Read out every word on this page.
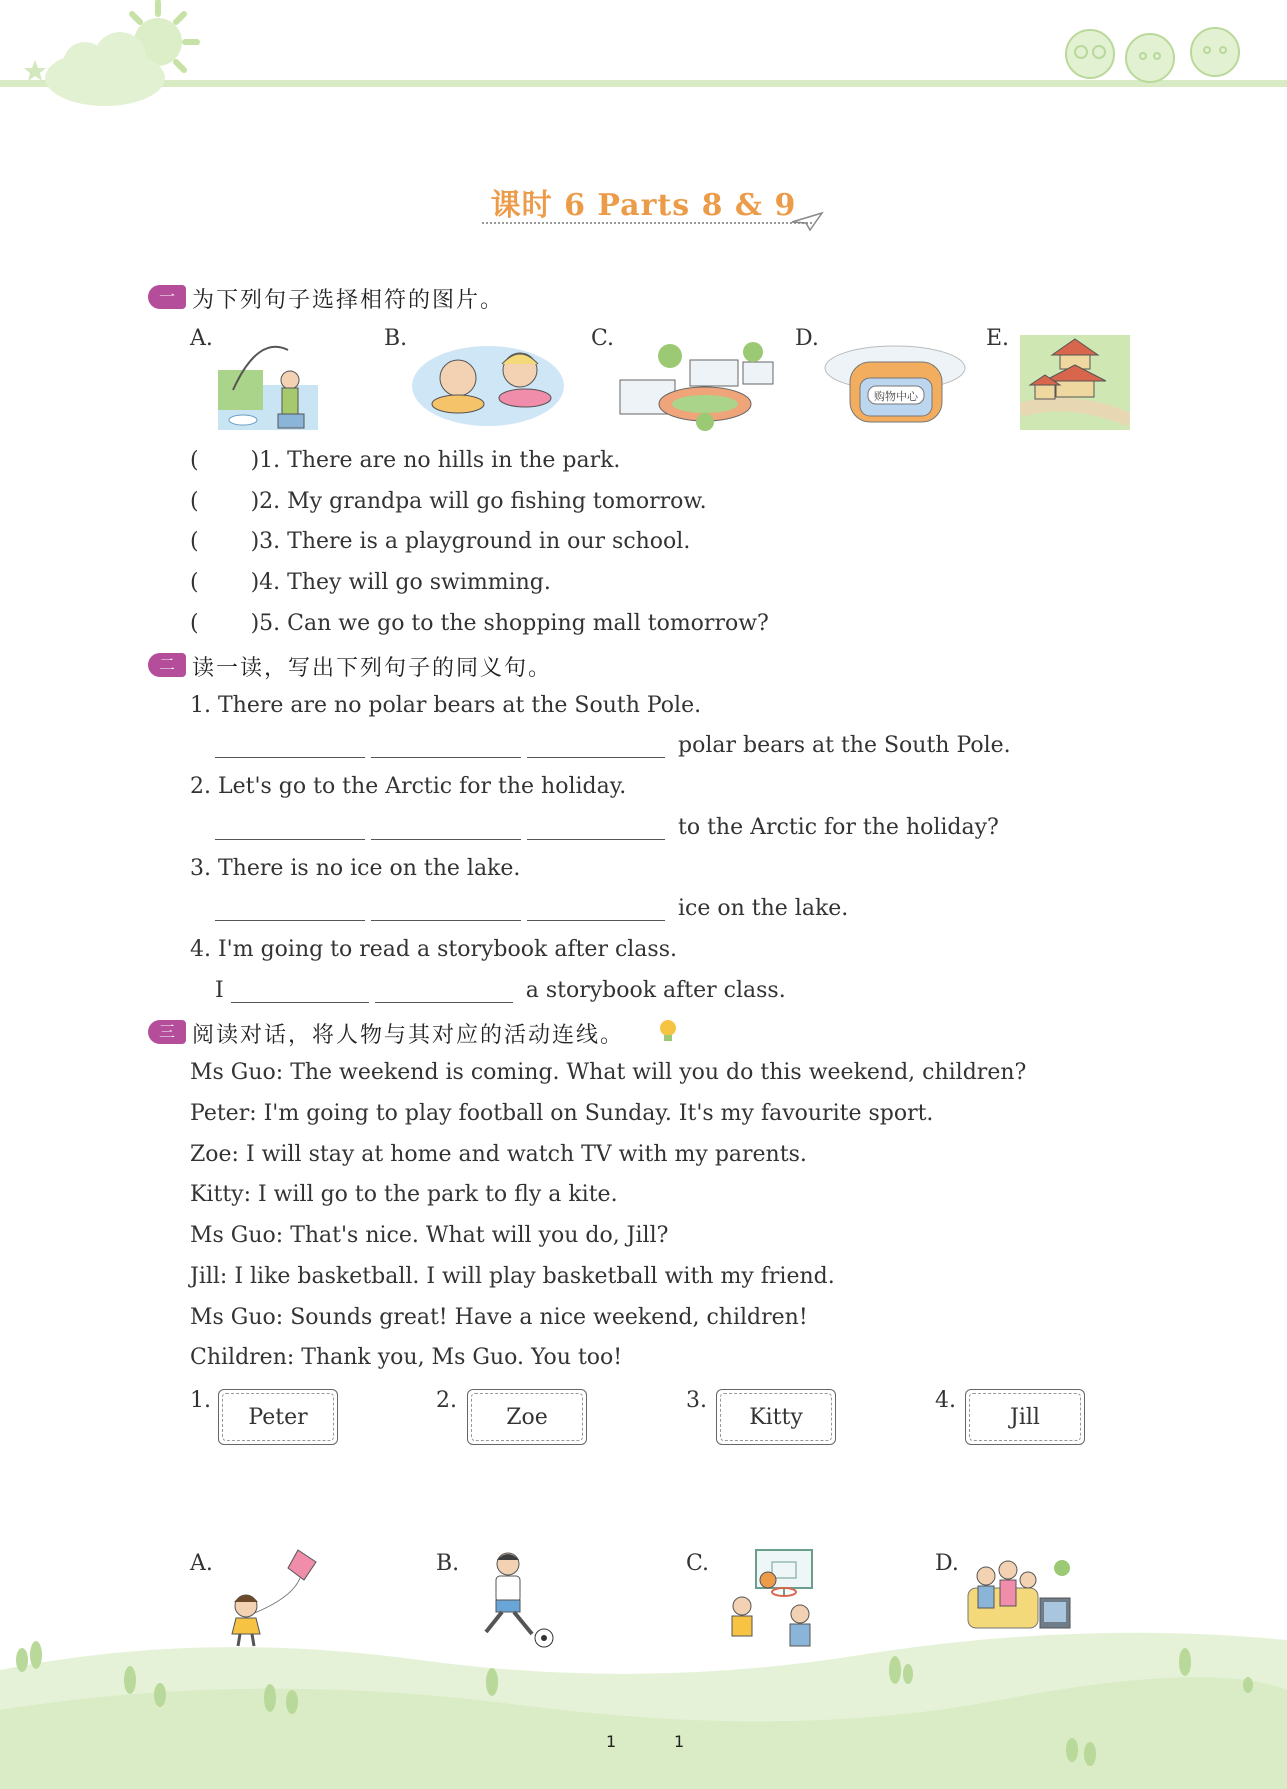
课时 6 Parts 8 & 9
一 为下列句子选择相符的图片。
A.	B.	C.	D.	E.
购物中心
( )1. There are no hills in the park.
( )2. My grandpa will go fishing tomorrow.
( )3. There is a playground in our school.
( )4. They will go swimming.
( )5. Can we go to the shopping mall tomorrow?
二 读一读，写出下列句子的同义句。
1. There are no polar bears at the South Pole.
polar bears at the South Pole.
2. Let's go to the Arctic for the holiday.
to the Arctic for the holiday?
3. There is no ice on the lake.
ice on the lake.
4. I'm going to read a storybook after class.
I	a storybook after class.
三 阅读对话，将人物与其对应的活动连线。
Ms Guo: The weekend is coming. What will you do this weekend, children?
Peter: I'm going to play football on Sunday. It's my favourite sport.
Zoe: I will stay at home and watch TV with my parents.
Kitty: I will go to the park to fly a kite.
Ms Guo: That's nice. What will you do, Jill?
Jill: I like basketball. I will play basketball with my friend.
Ms Guo: Sounds great! Have a nice weekend, children!
Children: Thank you, Ms Guo. You too!
1.
Peter
2.
Zoe
3.
Kitty
4.
Jill
A.	B.	C.	D.
1	1
